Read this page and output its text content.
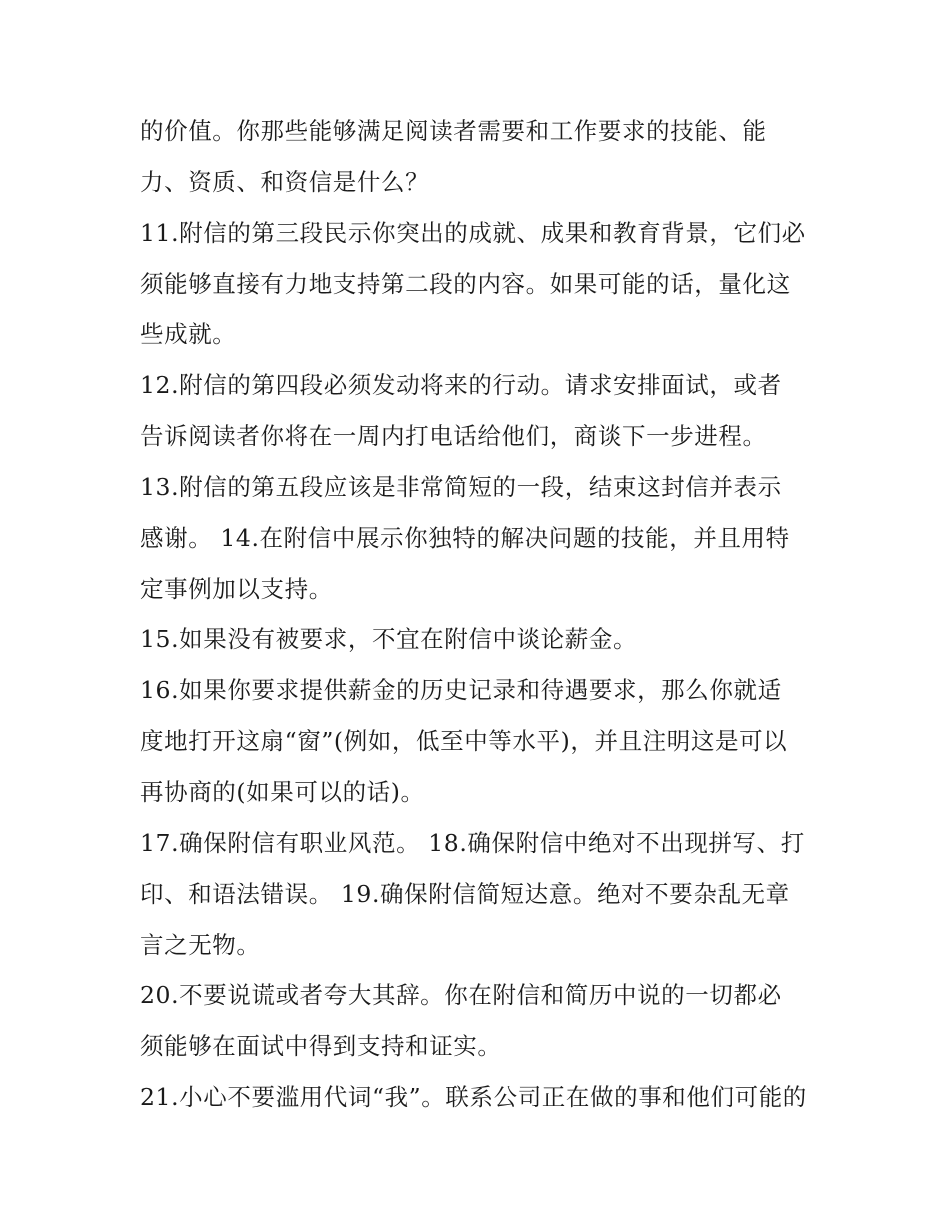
的价值。你那些能够满足阅读者需要和工作要求的技能、能
力、资质、和资信是什么？
11.附信的第三段民示你突出的成就、成果和教育背景，它们必
须能够直接有力地支持第二段的内容。如果可能的话，量化这
些成就。
12.附信的第四段必须发动将来的行动。请求安排面试，或者
告诉阅读者你将在一周内打电话给他们，商谈下一步进程。
13.附信的第五段应该是非常简短的一段，结束这封信并表示
感谢。 14.在附信中展示你独特的解决问题的技能，并且用特
定事例加以支持。
15.如果没有被要求，不宜在附信中谈论薪金。
16.如果你要求提供薪金的历史记录和待遇要求，那么你就适
度地打开这扇“窗”(例如，低至中等水平)，并且注明这是可以
再协商的(如果可以的话)。
17.确保附信有职业风范。 18.确保附信中绝对不出现拼写、打
印、和语法错误。 19.确保附信简短达意。绝对不要杂乱无章
言之无物。
20.不要说谎或者夸大其辞。你在附信和简历中说的一切都必
须能够在面试中得到支持和证实。
21.小心不要滥用代词“我”。联系公司正在做的事和他们可能的
